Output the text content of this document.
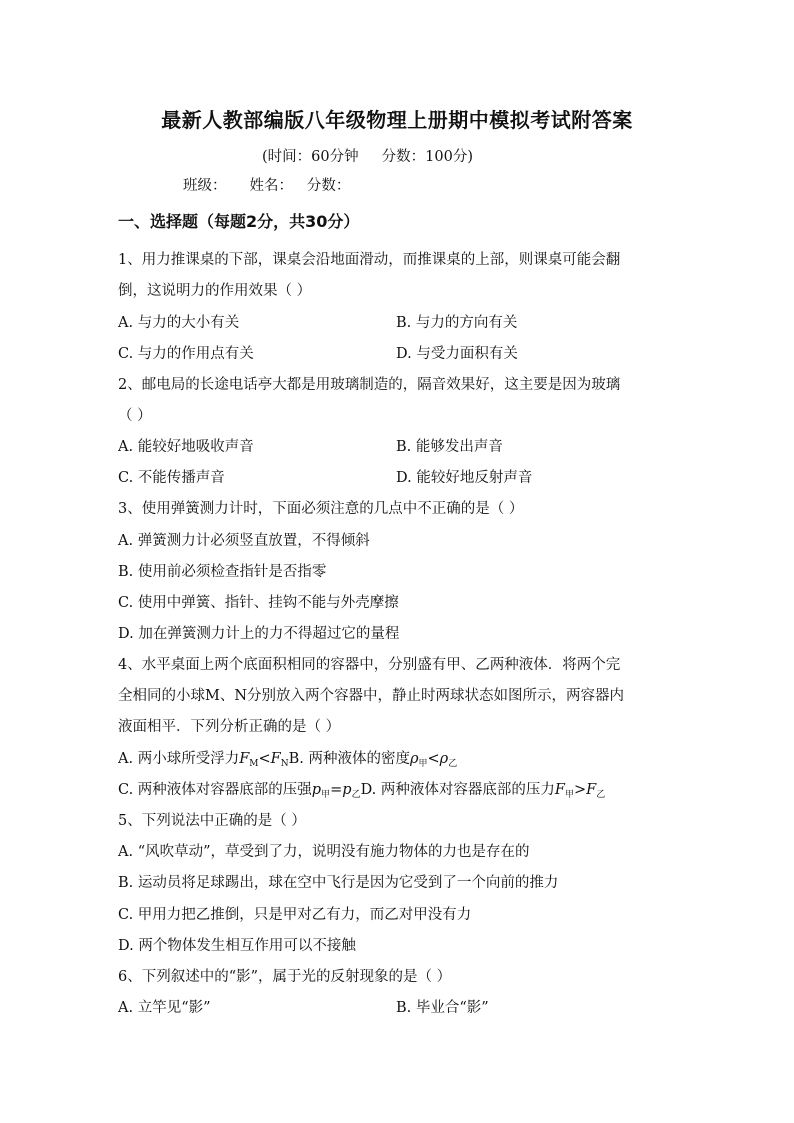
最新人教部编版八年级物理上册期中模拟考试附答案
(时间：60分钟     分数：100分)
班级：     姓名：   分数：
一、选择题（每题2分，共30分）
1、用力推课桌的下部，课桌会沿地面滑动，而推课桌的上部，则课桌可能会翻
倒，这说明力的作用效果（ ）
A. 与力的大小有关	B. 与力的方向有关
C. 与力的作用点有关	D. 与受力面积有关
2、邮电局的长途电话亭大都是用玻璃制造的，隔音效果好，这主要是因为玻璃
（ ）
A. 能较好地吸收声音	B. 能够发出声音
C. 不能传播声音	D. 能较好地反射声音
3、使用弹簧测力计时，下面必须注意的几点中不正确的是（ ）
A. 弹簧测力计必须竖直放置，不得倾斜
B. 使用前必须检查指针是否指零
C. 使用中弹簧、指针、挂钩不能与外壳摩擦
D. 加在弹簧测力计上的力不得超过它的量程
4、水平桌面上两个底面积相同的容器中，分别盛有甲、乙两种液体．将两个完
全相同的小球M、N分别放入两个容器中，静止时两球状态如图所示，两容器内
液面相平．下列分析正确的是（ ）
A. 两小球所受浮力$F_M<F_NB$. 两种液体的密度$\rho_甲<\rho_乙$
C. 两种液体对容器底部的压强$p_甲=p_乙D$. 两种液体对容器底部的压力$F_甲>F_乙$
5、下列说法中正确的是（ ）
A. “风吹草动”，草受到了力，说明没有施力物体的力也是存在的
B. 运动员将足球踢出，球在空中飞行是因为它受到了一个向前的推力
C. 甲用力把乙推倒，只是甲对乙有力，而乙对甲没有力
D. 两个物体发生相互作用可以不接触
6、下列叙述中的“影”，属于光的反射现象的是（ ）
A. 立竿见“影”	B. 毕业合“影”
